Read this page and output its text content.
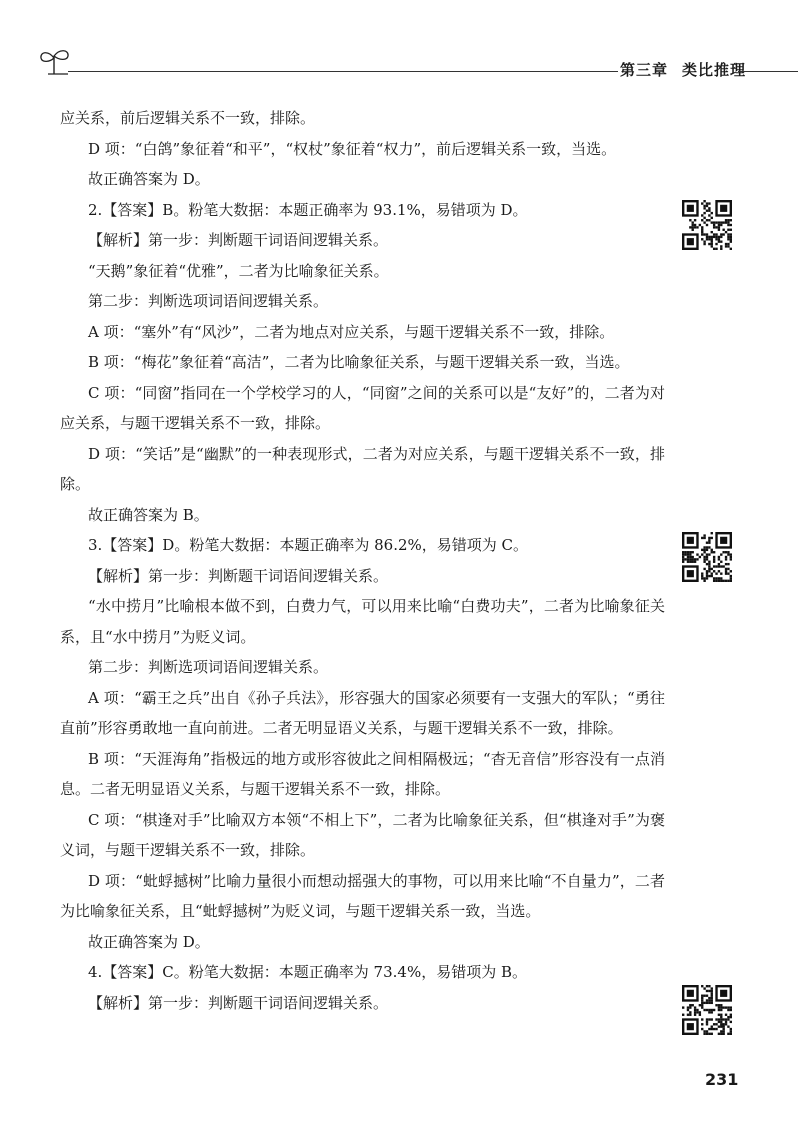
第三章 类比推理

应关系，前后逻辑关系不一致，排除。

D 项：“白鸽”象征着“和平”，“权杖”象征着“权力”，前后逻辑关系一致，当选。

故正确答案为 D。

2.【答案】B。粉笔大数据：本题正确率为 93.1%，易错项为 D。

【解析】第一步：判断题干词语间逻辑关系。

“天鹅”象征着“优雅”，二者为比喻象征关系。

第二步：判断选项词语间逻辑关系。

A 项：“塞外”有“风沙”，二者为地点对应关系，与题干逻辑关系不一致，排除。

B 项：“梅花”象征着“高洁”，二者为比喻象征关系，与题干逻辑关系一致，当选。

C 项：“同窗”指同在一个学校学习的人，“同窗”之间的关系可以是“友好”的，二者为对应关系，与题干逻辑关系不一致，排除。

D 项：“笑话”是“幽默”的一种表现形式，二者为对应关系，与题干逻辑关系不一致，排除。

故正确答案为 B。

3.【答案】D。粉笔大数据：本题正确率为 86.2%，易错项为 C。

【解析】第一步：判断题干词语间逻辑关系。

“水中捞月”比喻根本做不到，白费力气，可以用来比喻“白费功夫”，二者为比喻象征关系，且“水中捞月”为贬义词。

第二步：判断选项词语间逻辑关系。

A 项：“霸王之兵”出自《孙子兵法》，形容强大的国家必须要有一支强大的军队；“勇往直前”形容勇敢地一直向前进。二者无明显语义关系，与题干逻辑关系不一致，排除。

B 项：“天涯海角”指极远的地方或形容彼此之间相隔极远；“杳无音信”形容没有一点消息。二者无明显语义关系，与题干逻辑关系不一致，排除。

C 项：“棋逢对手”比喻双方本领“不相上下”，二者为比喻象征关系，但“棋逢对手”为褒义词，与题干逻辑关系不一致，排除。

D 项：“蚍蜉撼树”比喻力量很小而想动摇强大的事物，可以用来比喻“不自量力”，二者为比喻象征关系，且“蚍蜉撼树”为贬义词，与题干逻辑关系一致，当选。

故正确答案为 D。

4.【答案】C。粉笔大数据：本题正确率为 73.4%，易错项为 B。

【解析】第一步：判断题干词语间逻辑关系。

231
